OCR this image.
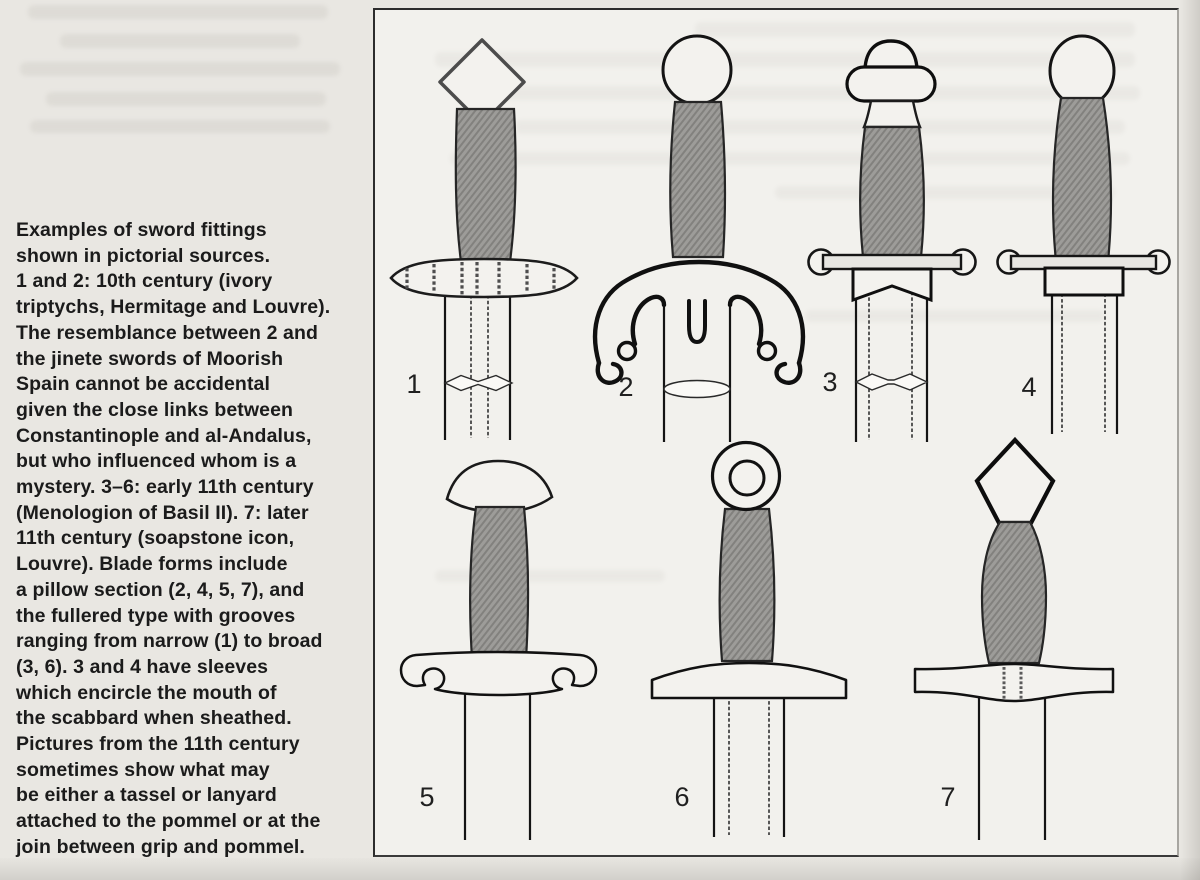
Examples of sword fittings
shown in pictorial sources.
1 and 2: 10th century (ivory
triptychs, Hermitage and Louvre).
The resemblance between 2 and
the jinete swords of Moorish
Spain cannot be accidental
given the close links between
Constantinople and al-Andalus,
but who influenced whom is a
mystery. 3–6: early 11th century
(Menologion of Basil II). 7: later
11th century (soapstone icon,
Louvre). Blade forms include
a pillow section (2, 4, 5, 7), and
the fullered type with grooves
ranging from narrow (1) to broad
(3, 6). 3 and 4 have sleeves
which encircle the mouth of
the scabbard when sheathed.
Pictures from the 11th century
sometimes show what may
be either a tassel or lanyard
attached to the pommel or at the
join between grip and pommel.
1	2	3	4
5	6	7
